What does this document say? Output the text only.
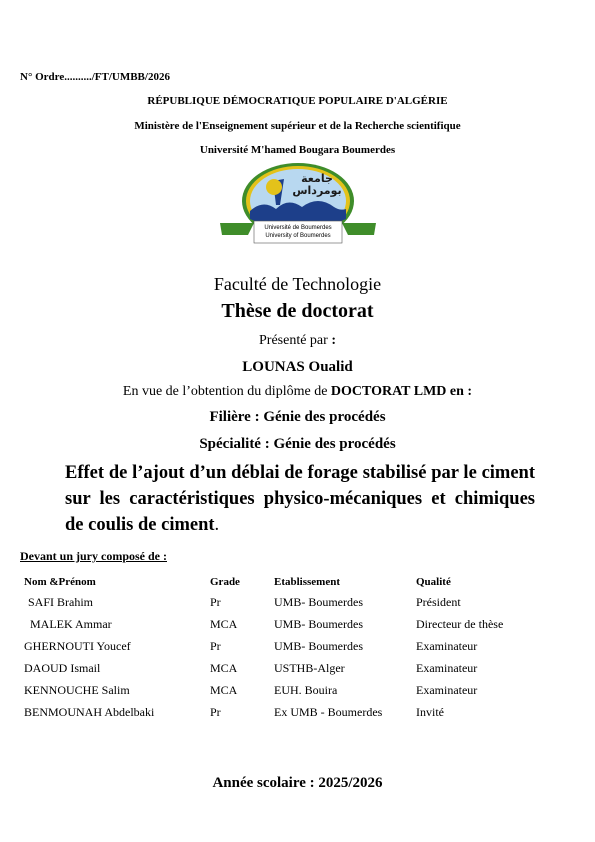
N° Ordre........../FT/UMBB/2026
RÉPUBLIQUE DÉMOCRATIQUE POPULAIRE D'ALGÉRIE
Ministère de l'Enseignement supérieur et de la Recherche scientifique
Université M'hamed Bougara Boumerdes
جامعة بومرداس
Université de Boumerdes
University of Boumerdes
Faculté de Technologie
Thèse de doctorat
Présenté par :
LOUNAS Oualid
En vue de l’obtention du diplôme de DOCTORAT LMD en :
Filière : Génie des procédés
Spécialité : Génie des procédés
Effet de l’ajout d’un déblai de forage stabilisé par le ciment sur les caractéristiques physico-mécaniques et chimiques de coulis de ciment.
Devant un jury composé de :
Nom &Prénom	Grade	Etablissement	Qualité
SAFI Brahim	Pr	UMB- Boumerdes	Président
MALEK Ammar	MCA	UMB- Boumerdes	Directeur de thèse
GHERNOUTI Youcef	Pr	UMB- Boumerdes	Examinateur
DAOUD Ismail	MCA	USTHB-Alger	Examinateur
KENNOUCHE Salim	MCA	EUH. Bouira	Examinateur
BENMOUNAH Abdelbaki	Pr	Ex UMB - Boumerdes	Invité
Année scolaire : 2025/2026
